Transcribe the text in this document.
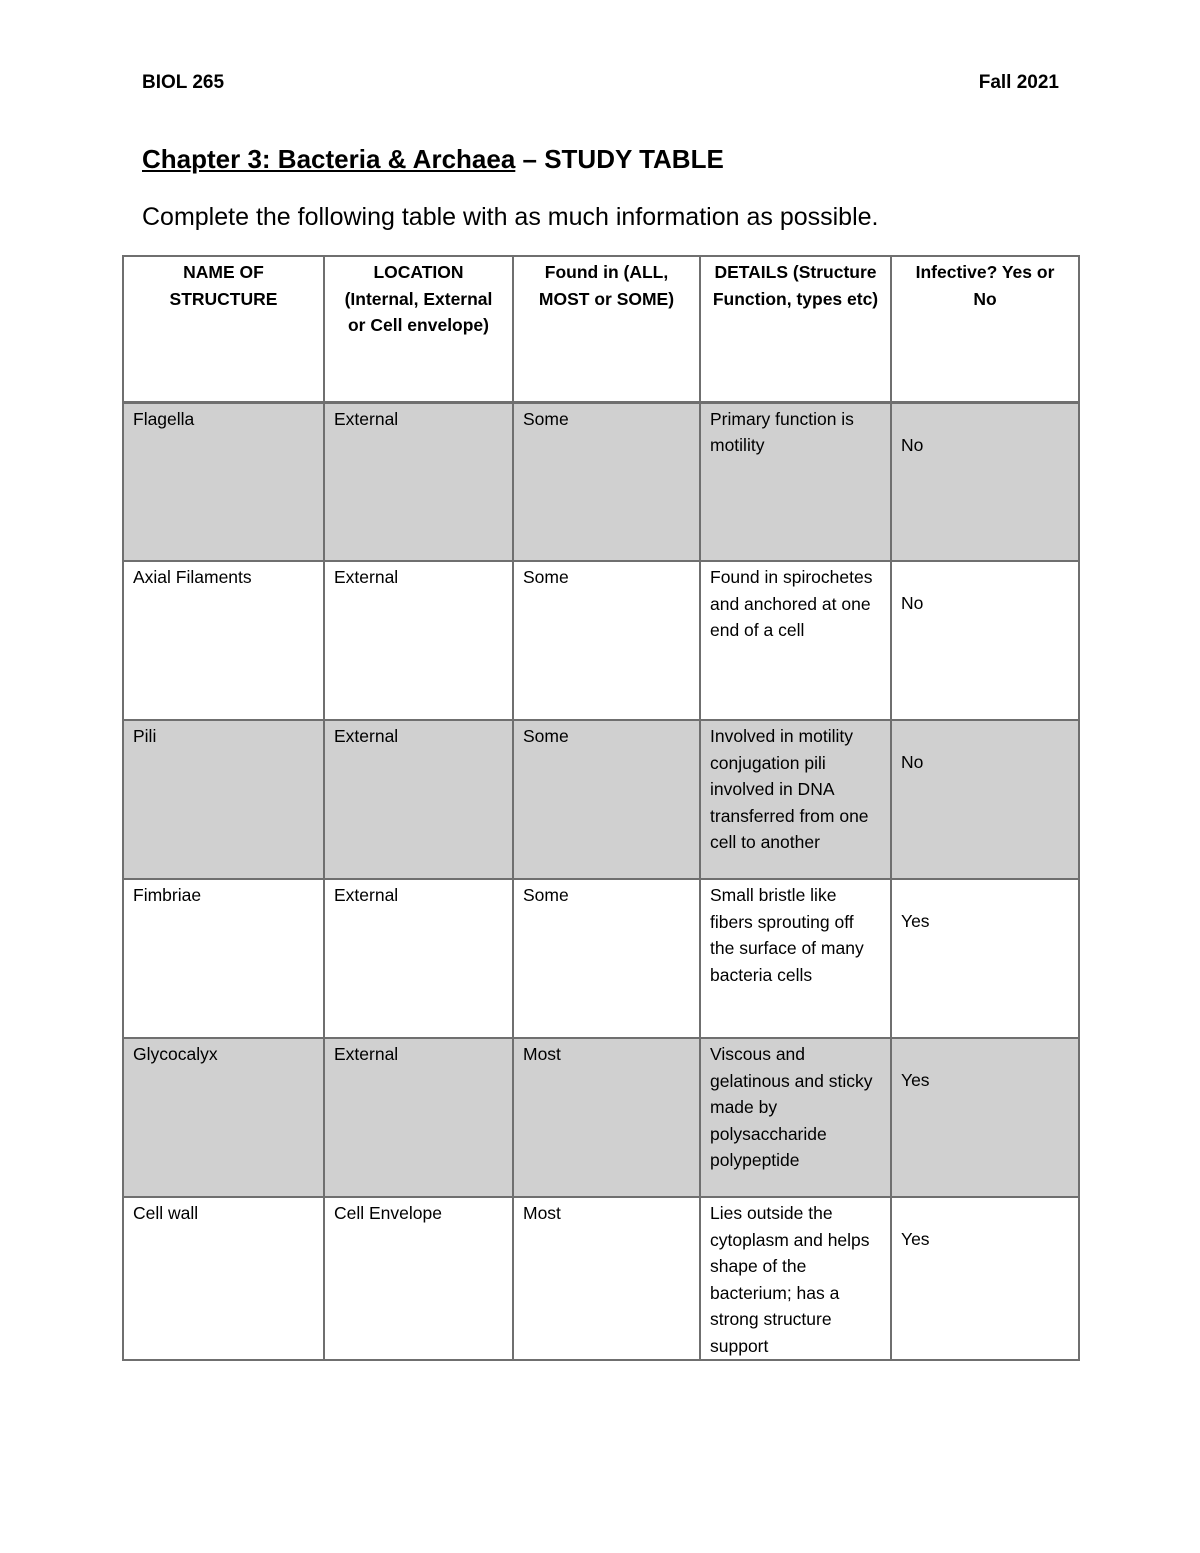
BIOL 265	Fall 2021
Chapter 3: Bacteria & Archaea – STUDY TABLE
Complete the following table with as much information as possible.
NAME OF STRUCTURE	LOCATION (Internal, External or Cell envelope)	Found in (ALL, MOST or SOME)	DETAILS (Structure Function, types etc)	Infective? Yes or No
Flagella	External	Some	Primary function is motility	No
Axial Filaments	External	Some	Found in spirochetes and anchored at one end of a cell	No
Pili	External	Some	Involved in motility conjugation pili involved in DNA transferred from one cell to another	No
Fimbriae	External	Some	Small bristle like fibers sprouting off the surface of many bacteria cells	Yes
Glycocalyx	External	Most	Viscous and gelatinous and sticky made by polysaccharide polypeptide	Yes
Cell wall	Cell Envelope	Most	Lies outside the cytoplasm and helps shape of the bacterium; has a strong structure support	Yes
